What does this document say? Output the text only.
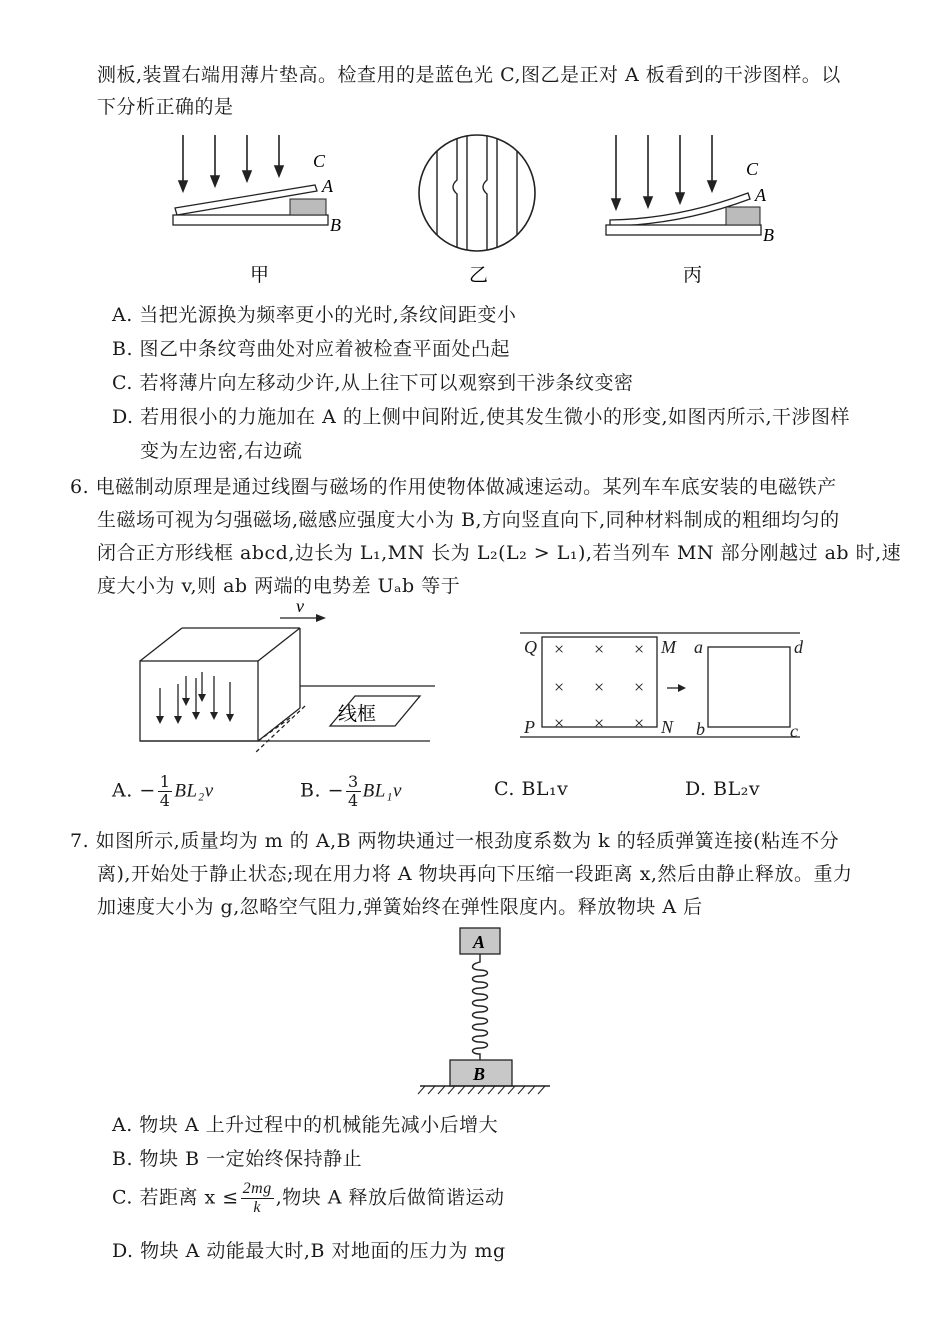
测板,装置右端用薄片垫高。检查用的是蓝色光 C,图乙是正对 A 板看到的干涉图样。以
下分析正确的是
C
A
B
甲	乙
C
A
B
丙
A. 当把光源换为频率更小的光时,条纹间距变小
B. 图乙中条纹弯曲处对应着被检查平面处凸起
C. 若将薄片向左移动少许,从上往下可以观察到干涉条纹变密
D. 若用很小的力施加在 A 的上侧中间附近,使其发生微小的形变,如图丙所示,干涉图样
变为左边密,右边疏
6. 电磁制动原理是通过线圈与磁场的作用使物体做减速运动。某列车车底安装的电磁铁产
生磁场可视为匀强磁场,磁感应强度大小为 B,方向竖直向下,同种材料制成的粗细均匀的
闭合正方形线框 abcd,边长为 L₁,MN 长为 L₂(L₂ > L₁),若当列车 MN 部分刚越过 ab 时,速
度大小为 v,则 ab 两端的电势差 Uₐb 等于
v
线框
× × ×
× × ×
× × ×
Q	M
P	N
a	d
b	c
A. − $\frac{1}{4} BL_2v$	B. − $\frac{3}{4} BL_1v$	C. BL₁v	D. BL₂v
7. 如图所示,质量均为 m 的 A,B 两物块通过一根劲度系数为 k 的轻质弹簧连接(粘连不分
离),开始处于静止状态;现在用力将 A 物块再向下压缩一段距离 x,然后由静止释放。重力
加速度大小为 g,忽略空气阻力,弹簧始终在弹性限度内。释放物块 A 后
A
B
A. 物块 A 上升过程中的机械能先减小后增大
B. 物块 B 一定始终保持静止
C. 若距离 $x \le \frac{2mg}{k}$ ,物块 A 释放后做简谐运动
D. 物块 A 动能最大时,B 对地面的压力为 mg
